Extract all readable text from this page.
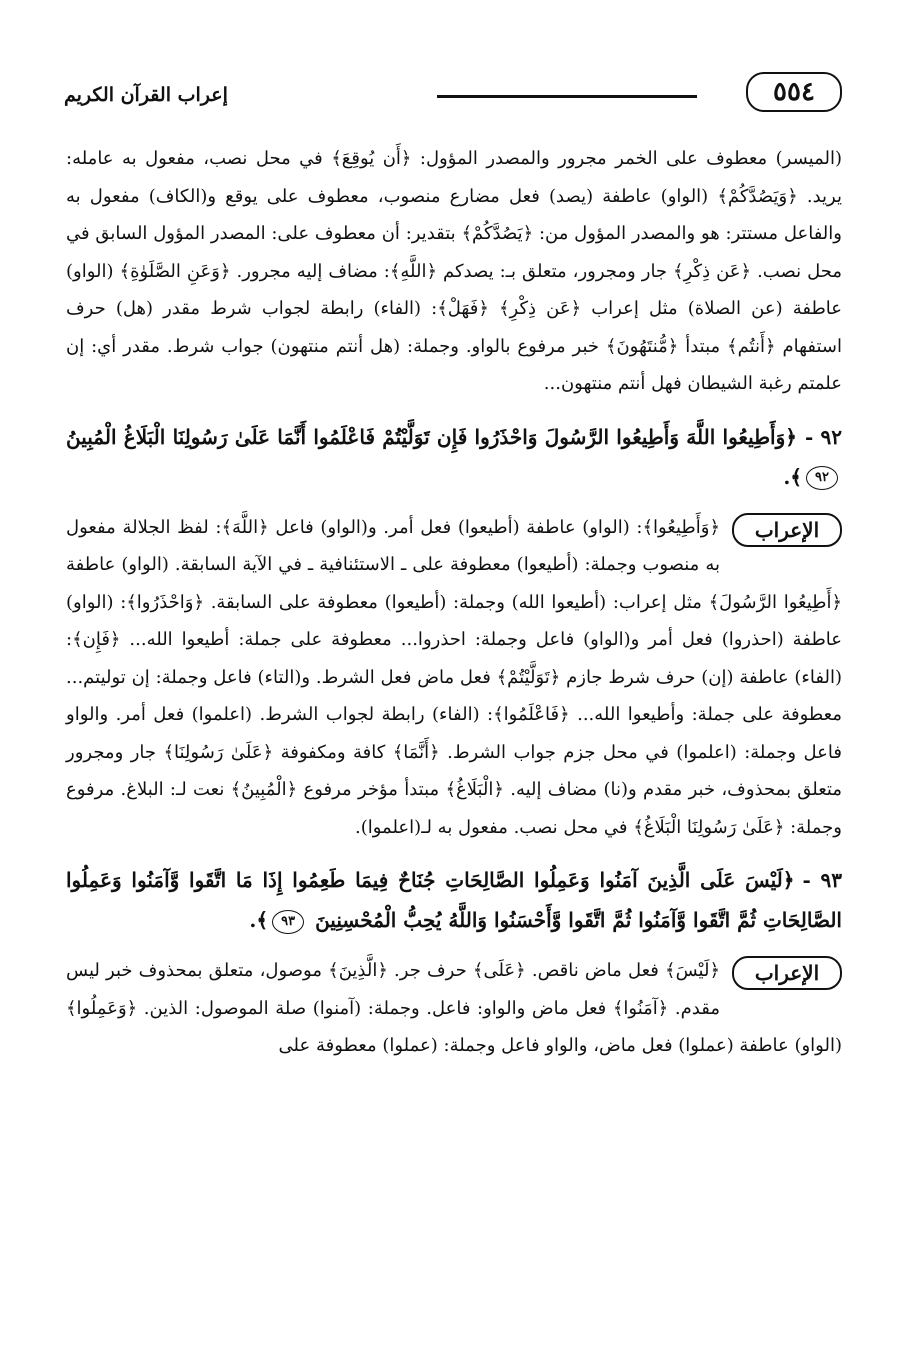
٥٥٤
إعراب القرآن الكريم

(الميسر) معطوف على الخمر مجرور والمصدر المؤول: ﴿أَن يُوقِعَ﴾ في محل نصب، مفعول به عامله: يريد. ﴿وَيَصُدَّكُمْ﴾ (الواو) عاطفة (يصد) فعل مضارع منصوب، معطوف على يوقع و(الكاف) مفعول به والفاعل مستتر: هو والمصدر المؤول من: ﴿يَصُدَّكُمْ﴾ بتقدير: أن معطوف على: المصدر المؤول السابق في محل نصب. ﴿عَن ذِكْرِ﴾ جار ومجرور، متعلق بـ: يصدكم ﴿اللَّهِ﴾: مضاف إليه مجرور. ﴿وَعَنِ الصَّلَوٰةِ﴾ (الواو) عاطفة (عن الصلاة) مثل إعراب ﴿عَن ذِكْرِ﴾ ﴿فَهَلْ﴾: (الفاء) رابطة لجواب شرط مقدر (هل) حرف استفهام ﴿أَنتُم﴾ مبتدأ ﴿مُّنتَهُونَ﴾ خبر مرفوع بالواو. وجملة: (هل أنتم منتهون) جواب شرط. مقدر أي: إن علمتم رغبة الشيطان فهل أنتم منتهون...

٩٢ -﴿وَأَطِيعُوا اللَّهَ وَأَطِيعُوا الرَّسُولَ وَاحْذَرُوا فَإِن تَوَلَّيْتُمْ فَاعْلَمُوا أَنَّمَا عَلَىٰ رَسُولِنَا الْبَلَاغُ الْمُبِينُ ٩٢﴾.

الإعراب

﴿وَأَطِيعُوا﴾: (الواو) عاطفة (أطيعوا) فعل أمر. و(الواو) فاعل ﴿اللَّهَ﴾: لفظ الجلالة مفعول به منصوب وجملة: (أطيعوا) معطوفة على ـ الاستئنافية ـ في الآية السابقة. (الواو) عاطفة ﴿أَطِيعُوا الرَّسُولَ﴾ مثل إعراب: (أطيعوا الله) وجملة: (أطيعوا) معطوفة على السابقة. ﴿وَاحْذَرُوا﴾: (الواو) عاطفة (احذروا) فعل أمر و(الواو) فاعل وجملة: احذروا... معطوفة على جملة: أطيعوا الله... ﴿فَإِن﴾: (الفاء) عاطفة (إن) حرف شرط جازم ﴿تَوَلَّيْتُمْ﴾ فعل ماض فعل الشرط. و(التاء) فاعل وجملة: إن توليتم... معطوفة على جملة: وأطيعوا الله... ﴿فَاعْلَمُوا﴾: (الفاء) رابطة لجواب الشرط. (اعلموا) فعل أمر. والواو فاعل وجملة: (اعلموا) في محل جزم جواب الشرط. ﴿أَنَّمَا﴾ كافة ومكفوفة ﴿عَلَىٰ رَسُولِنَا﴾ جار ومجرور متعلق بمحذوف، خبر مقدم و(نا) مضاف إليه. ﴿الْبَلَاغُ﴾ مبتدأ مؤخر مرفوع ﴿الْمُبِينُ﴾ نعت لـ: البلاغ. مرفوع وجملة: ﴿عَلَىٰ رَسُولِنَا الْبَلَاغُ﴾ في محل نصب. مفعول به لـ(اعلموا).

٩٣ -﴿لَيْسَ عَلَى الَّذِينَ آمَنُوا وَعَمِلُوا الصَّالِحَاتِ جُنَاحٌ فِيمَا طَعِمُوا إِذَا مَا اتَّقَوا وَّآمَنُوا وَعَمِلُوا الصَّالِحَاتِ ثُمَّ اتَّقَوا وَّآمَنُوا ثُمَّ اتَّقَوا وَّأَحْسَنُوا وَاللَّهُ يُحِبُّ الْمُحْسِنِينَ ٩٣﴾.

الإعراب

﴿لَيْسَ﴾ فعل ماض ناقص. ﴿عَلَى﴾ حرف جر. ﴿الَّذِينَ﴾ موصول، متعلق بمحذوف خبر ليس مقدم. ﴿آمَنُوا﴾ فعل ماض والواو: فاعل. وجملة: (آمنوا) صلة الموصول: الذين. ﴿وَعَمِلُوا﴾ (الواو) عاطفة (عملوا) فعل ماض، والواو فاعل وجملة: (عملوا) معطوفة على
